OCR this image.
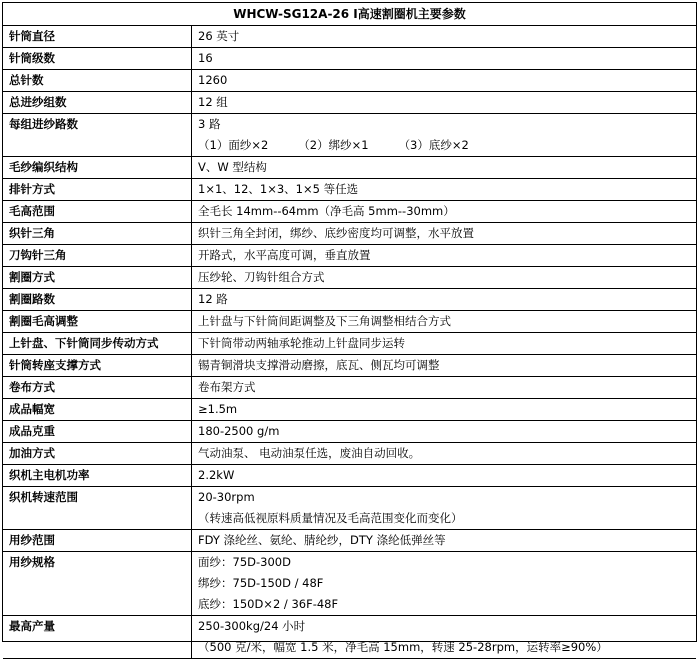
WHCW-SG12A-26 Ⅰ高速割圈机主要参数
针筒直径	26 英寸

针筒级数	16

总针数	1260

总进纱组数	12 组

每组进纱路数	3 路
（1）面纱×2 （2）绑纱×1 （3）底纱×2

毛纱编织结构	V、W 型结构

排针方式	1×1、12、1×3、1×5 等任选

毛高范围	全毛长 14mm--64mm（净毛高 5mm--30mm）

织针三角	织针三角全封闭，绑纱、底纱密度均可调整，水平放置

刀钩针三角	开路式，水平高度可调，垂直放置

割圈方式	压纱轮、刀钩针组合方式

割圈路数	12 路

割圈毛高调整	上针盘与下针筒间距调整及下三角调整相结合方式

上针盘、下针筒同步传动方式	下针筒带动两轴承轮推动上针盘同步运转

针筒转座支撑方式	锡青铜滑块支撑滑动磨擦，底瓦、侧瓦均可调整

卷布方式	卷布架方式

成品幅宽	≥1.5m

成品克重	180-2500 g/m

加油方式	气动油泵、 电动油泵任选，废油自动回收。

织机主电机功率	2.2kW

织机转速范围	20-30rpm
（转速高低视原料质量情况及毛高范围变化而变化）

用纱范围	FDY 涤纶丝、氨纶、腈纶纱，DTY 涤纶低弹丝等

用纱规格	面纱：75D-300D
绑纱：75D-150D / 48F
底纱：150D×2 / 36F-48F

最高产量	250-300kg/24 小时
（500 克/米，幅宽 1.5 米，净毛高 15mm，转速 25-28rpm，运转率≥90%）
